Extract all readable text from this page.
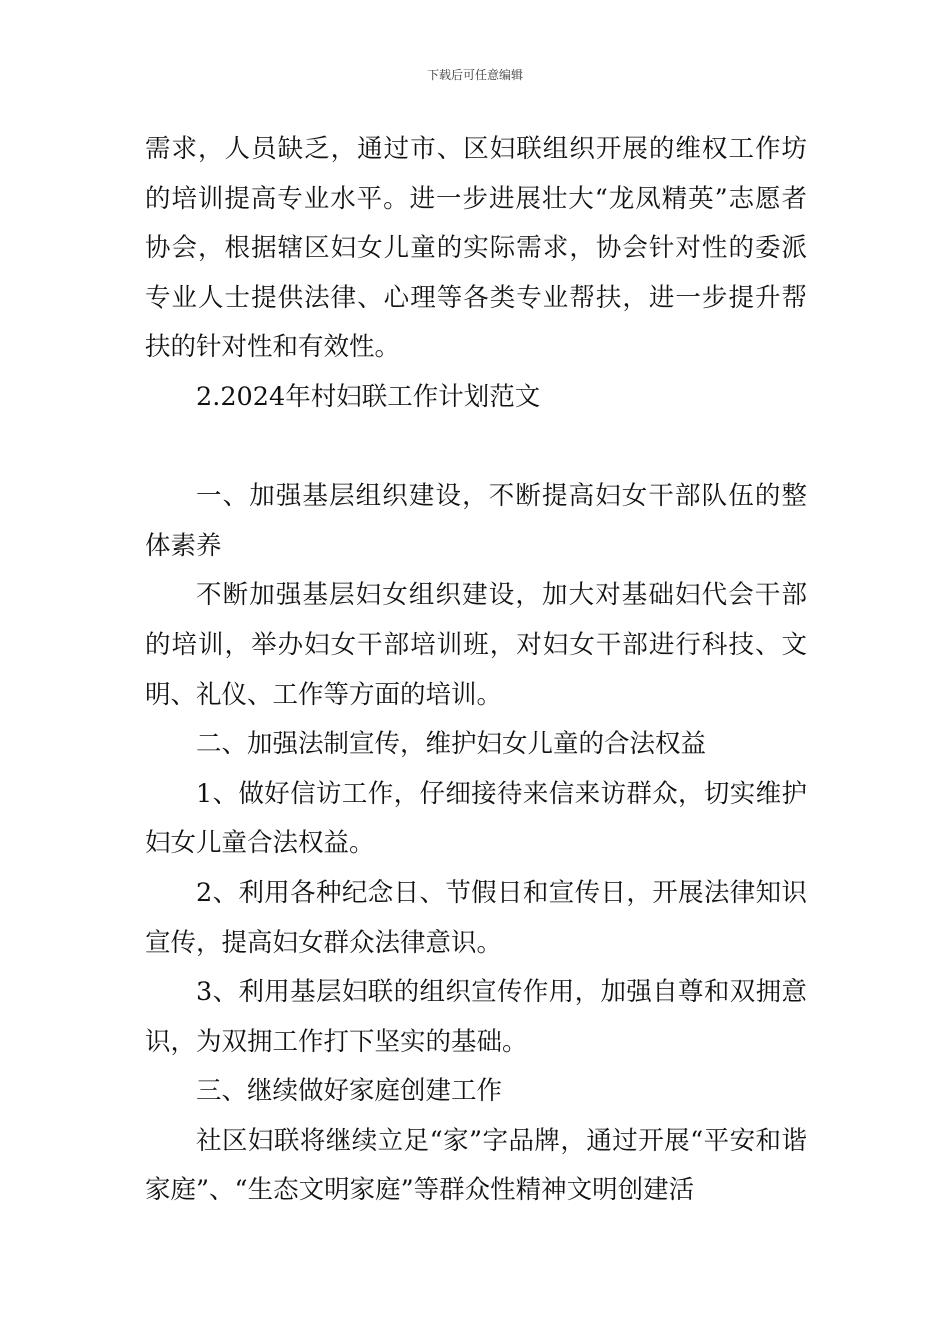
下载后可任意编辑

需求，人员缺乏，通过市、区妇联组织开展的维权工作坊的培训提高专业水平。进一步进展壮大“龙凤精英”志愿者协会，根据辖区妇女儿童的实际需求，协会针对性的委派专业人士提供法律、心理等各类专业帮扶，进一步提升帮扶的针对性和有效性。

2.2024年村妇联工作计划范文

一、加强基层组织建设，不断提高妇女干部队伍的整体素养

不断加强基层妇女组织建设，加大对基础妇代会干部的培训，举办妇女干部培训班，对妇女干部进行科技、文明、礼仪、工作等方面的培训。

二、加强法制宣传，维护妇女儿童的合法权益

1、做好信访工作，仔细接待来信来访群众，切实维护妇女儿童合法权益。

2、利用各种纪念日、节假日和宣传日，开展法律知识宣传，提高妇女群众法律意识。

3、利用基层妇联的组织宣传作用，加强自尊和双拥意识，为双拥工作打下坚实的基础。

三、继续做好家庭创建工作

社区妇联将继续立足“家”字品牌，通过开展“平安和谐家庭”、“生态文明家庭”等群众性精神文明创建活
